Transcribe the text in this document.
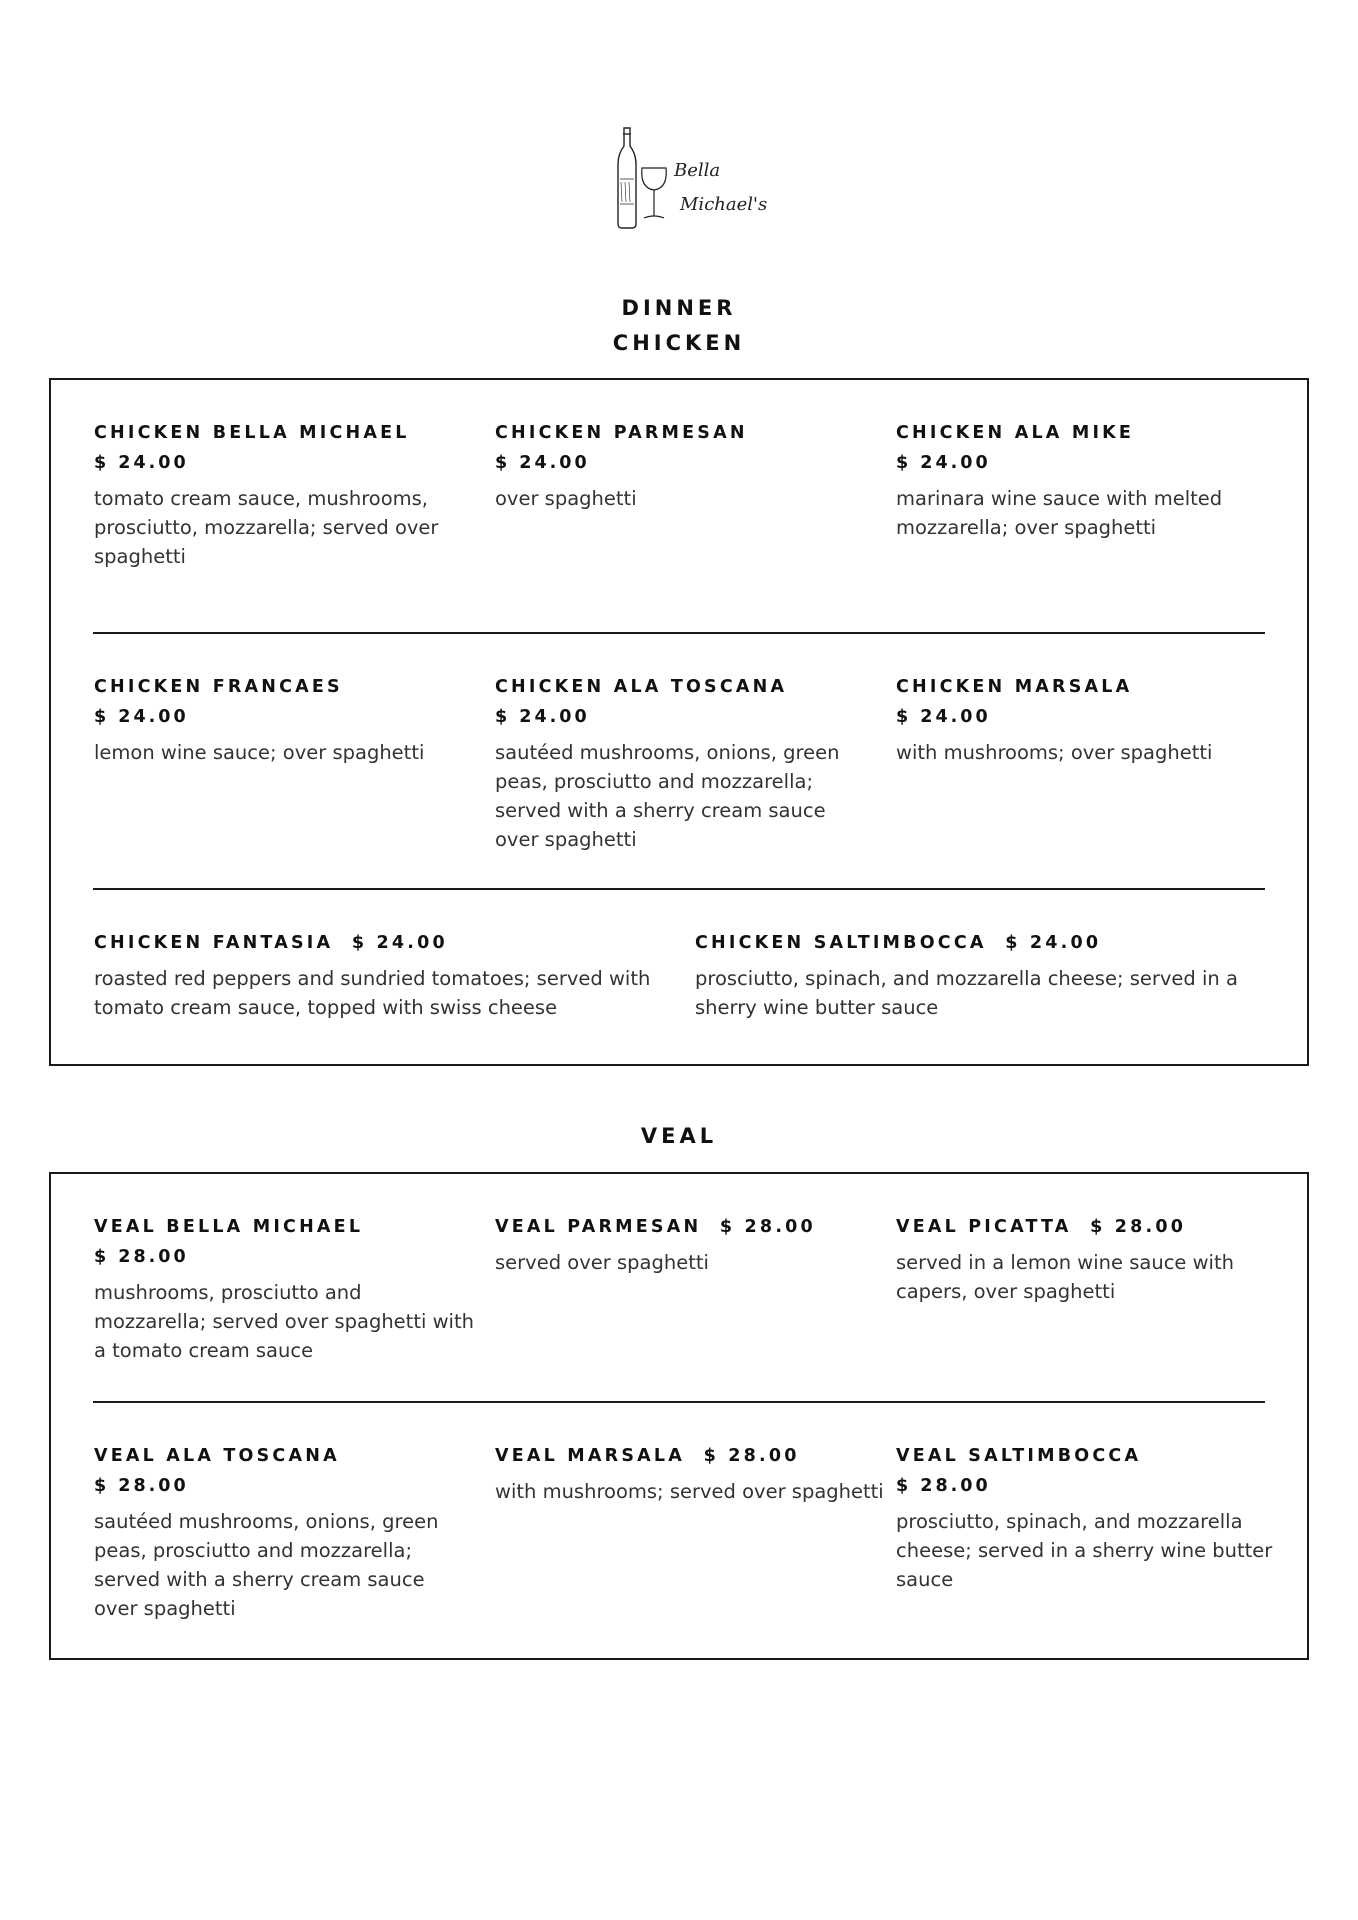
Bella
Michael's
DINNER
CHICKEN
CHICKEN BELLA MICHAEL
$ 24.00
tomato cream sauce, mushrooms, prosciutto, mozzarella; served over spaghetti
CHICKEN PARMESAN
$ 24.00
over spaghetti
CHICKEN ALA MIKE
$ 24.00
marinara wine sauce with melted mozzarella; over spaghetti
CHICKEN FRANCAES
$ 24.00
lemon wine sauce; over spaghetti
CHICKEN ALA TOSCANA
$ 24.00
sautéed mushrooms, onions, green peas, prosciutto and mozzarella; served with a sherry cream sauce over spaghetti
CHICKEN MARSALA
$ 24.00
with mushrooms; over spaghetti
CHICKEN FANTASIA $ 24.00
roasted red peppers and sundried tomatoes; served with tomato cream sauce, topped with swiss cheese
CHICKEN SALTIMBOCCA $ 24.00
prosciutto, spinach, and mozzarella cheese; served in a sherry wine butter sauce
VEAL
VEAL BELLA MICHAEL
$ 28.00
mushrooms, prosciutto and mozzarella; served over spaghetti with a tomato cream sauce
VEAL PARMESAN $ 28.00
served over spaghetti
VEAL PICATTA $ 28.00
served in a lemon wine sauce with capers, over spaghetti
VEAL ALA TOSCANA
$ 28.00
sautéed mushrooms, onions, green peas, prosciutto and mozzarella; served with a sherry cream sauce over spaghetti
VEAL MARSALA $ 28.00
with mushrooms; served over spaghetti
VEAL SALTIMBOCCA
$ 28.00
prosciutto, spinach, and mozzarella cheese; served in a sherry wine butter sauce
